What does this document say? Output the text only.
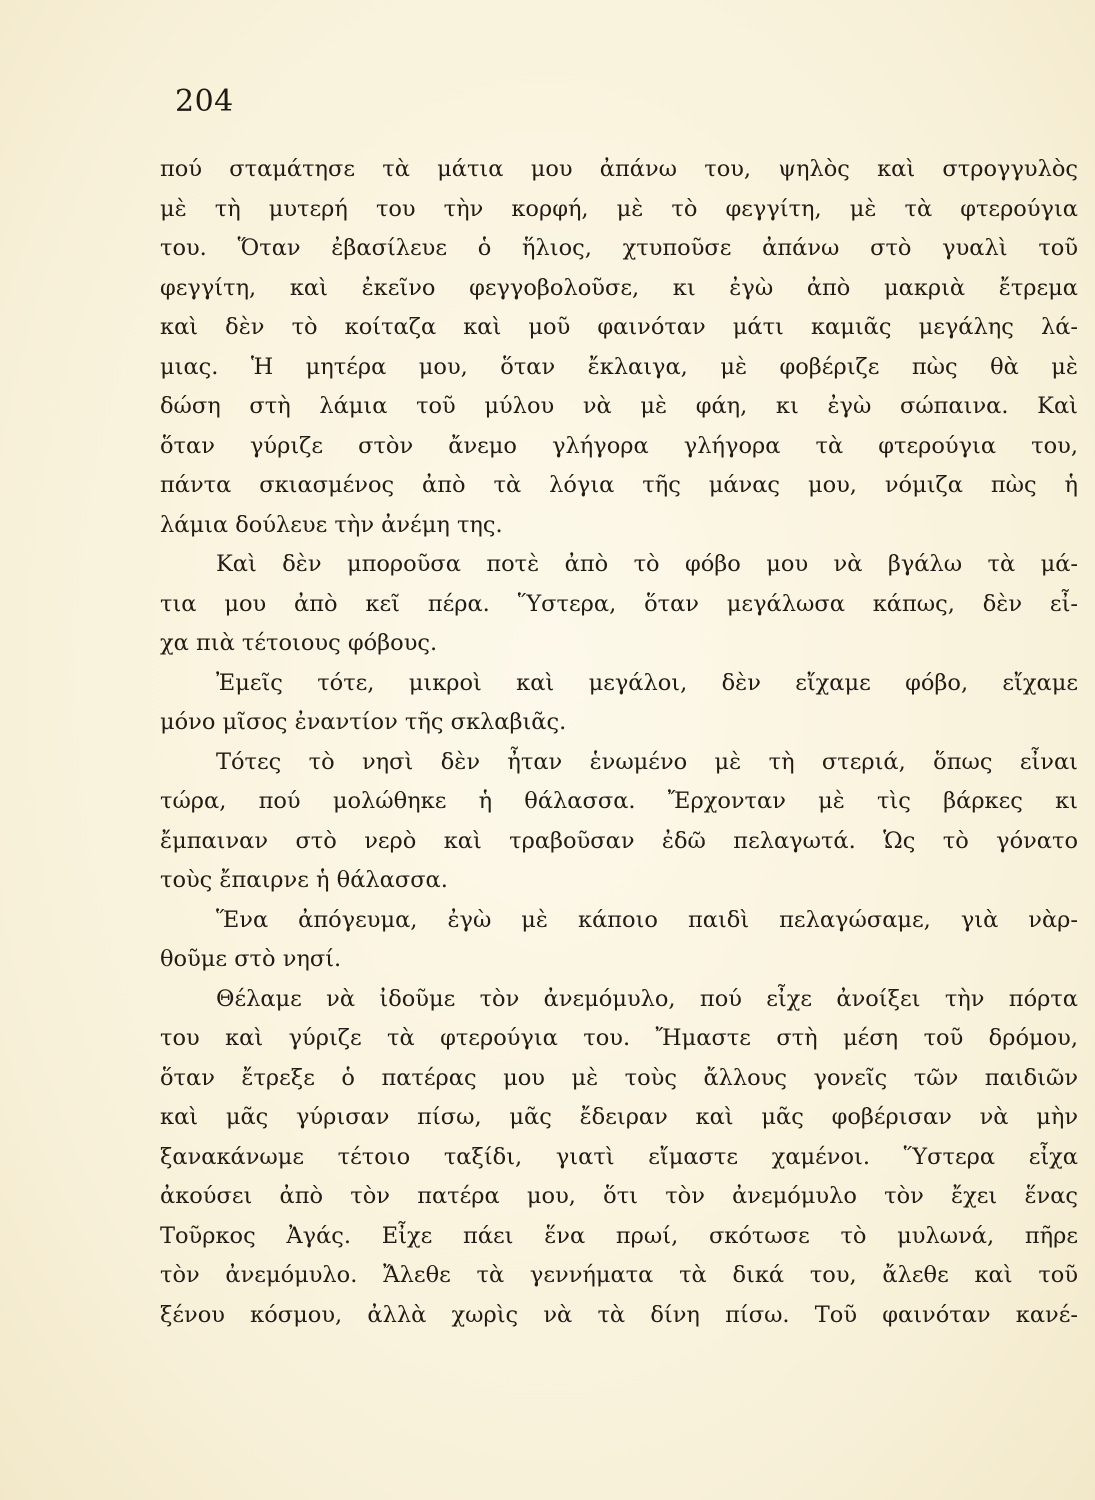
204
πού σταμάτησε τὰ μάτια μου ἀπάνω του, ψηλὸς καὶ στρογγυλὸς
μὲ τὴ μυτερή του τὴν κορφή, μὲ τὸ φεγγίτη, μὲ τὰ φτερούγια
του. Ὅταν ἐβασίλευε ὁ ἥλιος, χτυποῦσε ἀπάνω στὸ γυαλὶ τοῦ
φεγγίτη, καὶ ἐκεῖνο φεγγοβολοῦσε, κι ἐγὼ ἀπὸ μακριὰ ἔτρεμα
καὶ δὲν τὸ κοίταζα καὶ μοῦ φαινόταν μάτι καμιᾶς μεγάλης λά-
μιας. Ἡ μητέρα μου, ὅταν ἔκλαιγα, μὲ φοβέριζε πὼς θὰ μὲ
δώση στὴ λάμια τοῦ μύλου νὰ μὲ φάη, κι ἐγὼ σώπαινα. Καὶ
ὅταν γύριζε στὸν ἄνεμο γλήγορα γλήγορα τὰ φτερούγια του,
πάντα σκιασμένος ἀπὸ τὰ λόγια τῆς μάνας μου, νόμιζα πὼς ἡ
λάμια δούλευε τὴν ἀνέμη της.
Καὶ δὲν μποροῦσα ποτὲ ἀπὸ τὸ φόβο μου νὰ βγάλω τὰ μά-
τια μου ἀπὸ κεῖ πέρα. Ὕστερα, ὅταν μεγάλωσα κάπως, δὲν εἶ-
χα πιὰ τέτοιους φόβους.
Ἐμεῖς τότε, μικροὶ καὶ μεγάλοι, δὲν εἴχαμε φόβο, εἴχαμε
μόνο μῖσος ἐναντίον τῆς σκλαβιᾶς.
Τότες τὸ νησὶ δὲν ἦταν ἑνωμένο μὲ τὴ στεριά, ὅπως εἶναι
τώρα, πού μολώθηκε ἡ θάλασσα. Ἔρχονταν μὲ τὶς βάρκες κι
ἔμπαιναν στὸ νερὸ καὶ τραβοῦσαν ἐδῶ πελαγωτά. Ὡς τὸ γόνατο
τοὺς ἔπαιρνε ἡ θάλασσα.
Ἕνα ἀπόγευμα, ἐγὼ μὲ κάποιο παιδὶ πελαγώσαμε, γιὰ νὰρ-
θοῦμε στὸ νησί.
Θέλαμε νὰ ἰδοῦμε τὸν ἀνεμόμυλο, πού εἶχε ἀνοίξει τὴν πόρτα
του καὶ γύριζε τὰ φτερούγια του. Ἤμαστε στὴ μέση τοῦ δρόμου,
ὅταν ἔτρεξε ὁ πατέρας μου μὲ τοὺς ἄλλους γονεῖς τῶν παιδιῶν
καὶ μᾶς γύρισαν πίσω, μᾶς ἔδειραν καὶ μᾶς φοβέρισαν νὰ μὴν
ξανακάνωμε τέτοιο ταξίδι, γιατὶ εἴμαστε χαμένοι. Ὕστερα εἶχα
ἀκούσει ἀπὸ τὸν πατέρα μου, ὅτι τὸν ἀνεμόμυλο τὸν ἔχει ἕνας
Τοῦρκος Ἀγάς. Εἶχε πάει ἕνα πρωί, σκότωσε τὸ μυλωνά, πῆρε
τὸν ἀνεμόμυλο. Ἄλεθε τὰ γεννήματα τὰ δικά του, ἄλεθε καὶ τοῦ
ξένου κόσμου, ἀλλὰ χωρὶς νὰ τὰ δίνη πίσω. Τοῦ φαινόταν κανέ-
